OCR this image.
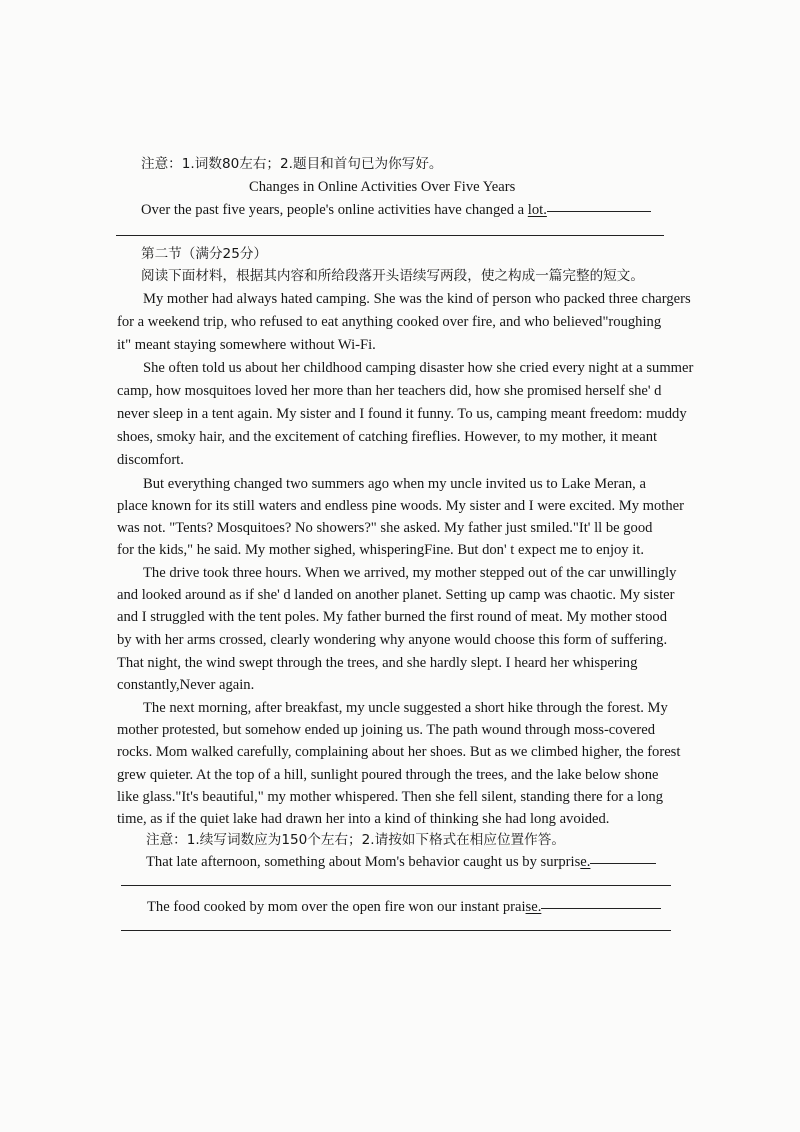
注意：1.词数80左右；2.题目和首句已为你写好。
Changes in Online Activities Over Five Years
Over the past five years, people's online activities have changed a lot.
第二节（满分25分）
阅读下面材料，根据其内容和所给段落开头语续写两段，使之构成一篇完整的短文。
My mother had always hated camping. She was the kind of person who packed three chargers
for a weekend trip, who refused to eat anything cooked over fire, and who believed"roughing
it" meant staying somewhere without Wi-Fi.
She often told us about her childhood camping disaster how she cried every night at a summer
camp, how mosquitoes loved her more than her teachers did, how she promised herself she' d
never sleep in a tent again. My sister and I found it funny. To us, camping meant freedom: muddy
shoes, smoky hair, and the excitement of catching fireflies. However, to my mother, it meant
discomfort.
But everything changed two summers ago when my uncle invited us to Lake Meran, a
place known for its still waters and endless pine woods. My sister and I were excited. My mother
was not. "Tents? Mosquitoes? No showers?" she asked. My father just smiled."It' ll be good
for the kids," he said. My mother sighed, whisperingFine. But don' t expect me to enjoy it.
The drive took three hours. When we arrived, my mother stepped out of the car unwillingly
and looked around as if she' d landed on another planet. Setting up camp was chaotic. My sister
and I struggled with the tent poles. My father burned the first round of meat. My mother stood
by with her arms crossed, clearly wondering why anyone would choose this form of suffering.
That night, the wind swept through the trees, and she hardly slept. I heard her whispering
constantly,Never again.
The next morning, after breakfast, my uncle suggested a short hike through the forest. My
mother protested, but somehow ended up joining us. The path wound through moss-covered
rocks. Mom walked carefully, complaining about her shoes. But as we climbed higher, the forest
grew quieter. At the top of a hill, sunlight poured through the trees, and the lake below shone
like glass."It's beautiful," my mother whispered. Then she fell silent, standing there for a long
time, as if the quiet lake had drawn her into a kind of thinking she had long avoided.
注意：1.续写词数应为150个左右；2.请按如下格式在相应位置作答。
That late afternoon, something about Mom's behavior caught us by surprise.
The food cooked by mom over the open fire won our instant praise.
